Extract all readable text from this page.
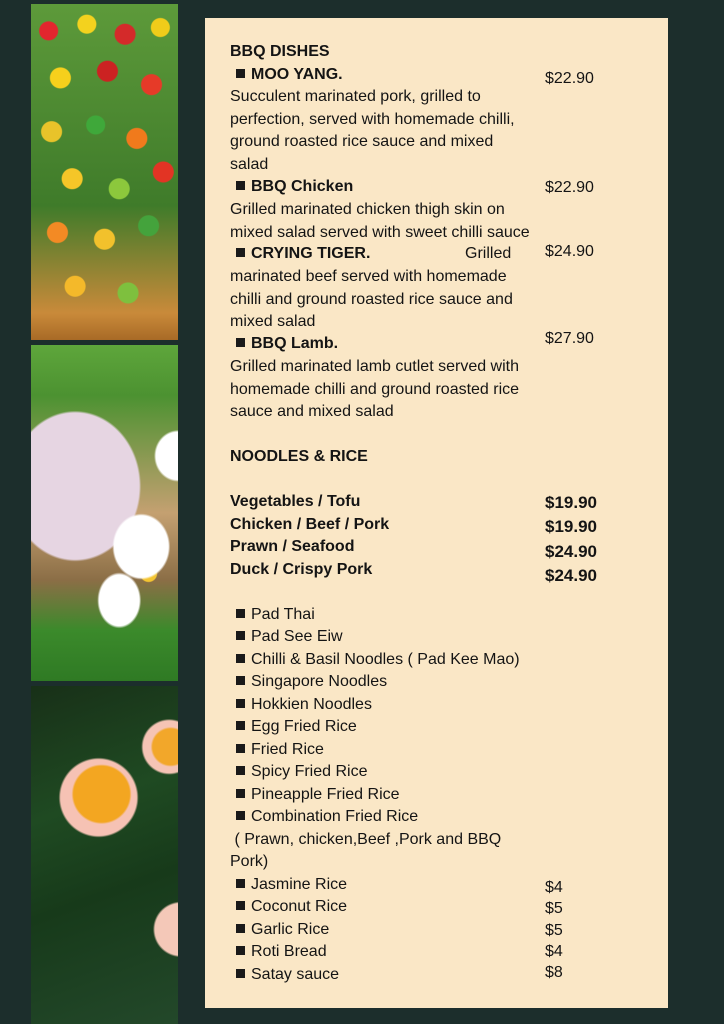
BBQ DISHES
MOO YANG.	$22.90
Succulent marinated pork, grilled to
perfection, served with homemade chilli,
ground roasted rice sauce and mixed
salad
BBQ Chicken	$22.90
Grilled marinated chicken thigh skin on
mixed salad served with sweet chilli sauce
CRYING TIGER.	Grilled $24.90
marinated beef served with homemade
chilli and ground roasted rice sauce and
mixed salad
BBQ Lamb.	$27.90
Grilled marinated lamb cutlet served with
homemade chilli and ground roasted rice
sauce and mixed salad
NOODLES & RICE
Vegetables / Tofu	$19.90
Chicken / Beef / Pork	$19.90
Prawn / Seafood	$24.90
Duck / Crispy Pork	$24.90
Pad Thai
Pad See Eiw
Chilli & Basil Noodles ( Pad Kee Mao)
Singapore Noodles
Hokkien Noodles
Egg Fried Rice
Fried Rice
Spicy Fried Rice
Pineapple Fried Rice
Combination Fried Rice
( Prawn, chicken,Beef ,Pork and BBQ
Pork)
Jasmine Rice	$4
Coconut Rice	$5
Garlic Rice	$5
Roti Bread	$4
Satay sauce	$8
